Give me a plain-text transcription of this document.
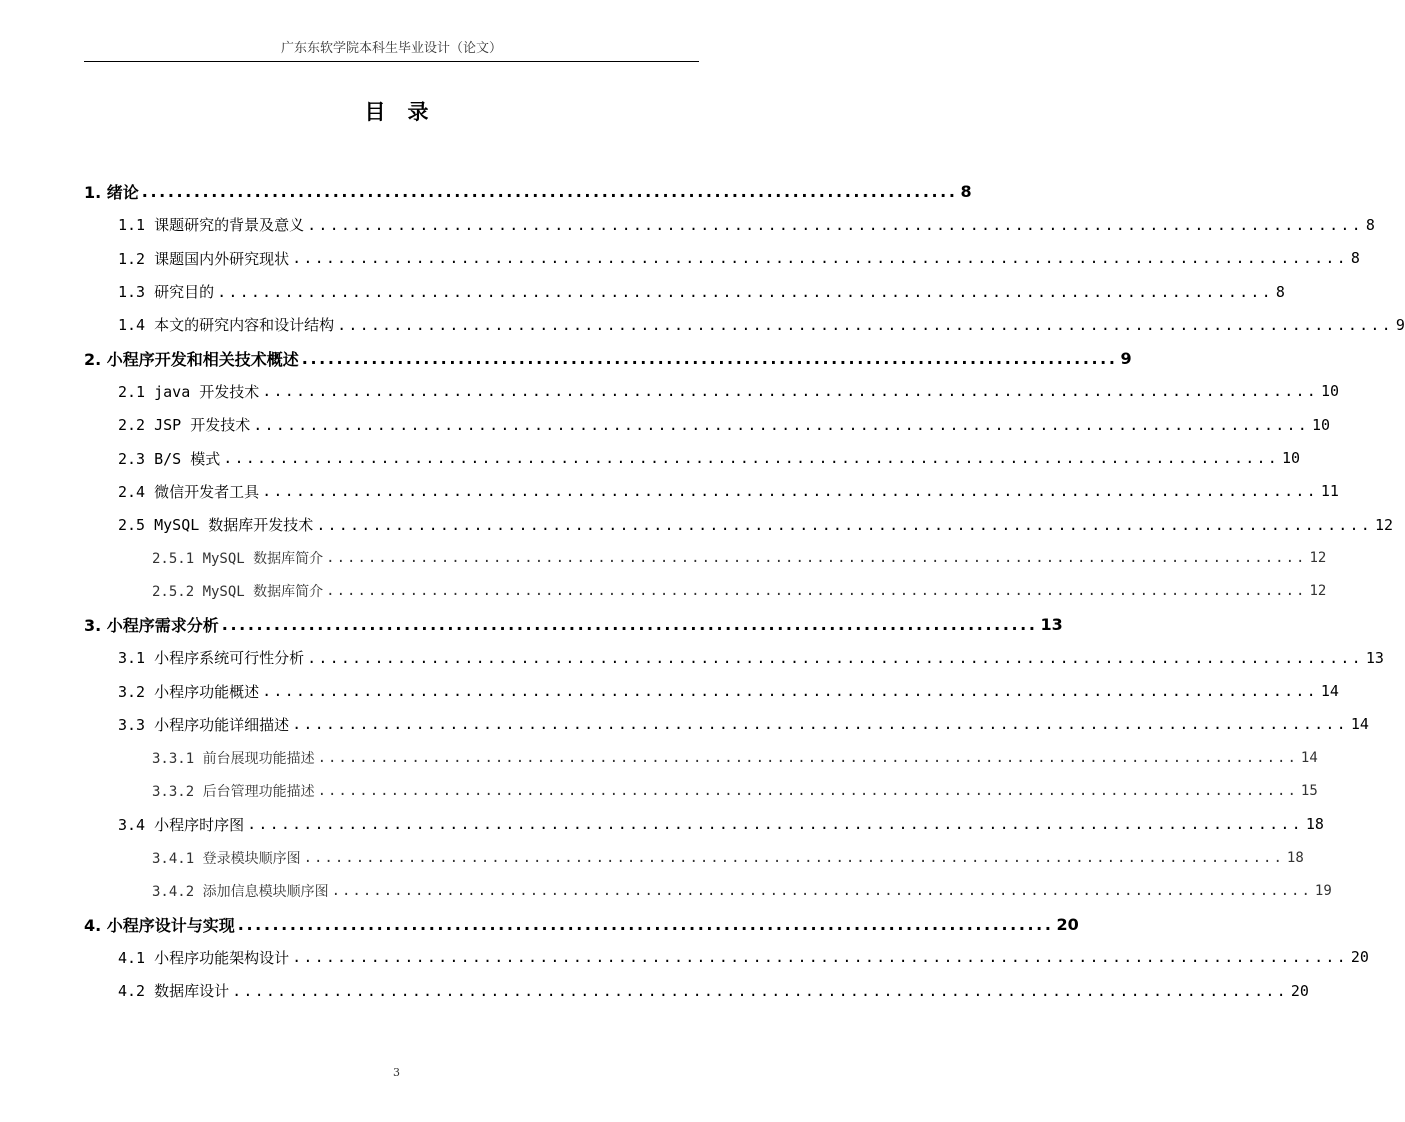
广东东软学院本科生毕业设计（论文）
目 录
1. 绪论 .............................................................................................. 8
1.1 课题研究的背景及意义 .............................................................................................. 8
1.2 课题国内外研究现状 .............................................................................................. 8
1.3 研究目的 .............................................................................................. 8
1.4 本文的研究内容和设计结构 .............................................................................................. 9
2. 小程序开发和相关技术概述 .............................................................................................. 9
2.1 java 开发技术 .............................................................................................. 10
2.2 JSP 开发技术 .............................................................................................. 10
2.3 B/S 模式 .............................................................................................. 10
2.4 微信开发者工具 .............................................................................................. 11
2.5 MySQL 数据库开发技术 .............................................................................................. 12
2.5.1 MySQL 数据库简介 .............................................................................................. 12
2.5.2 MySQL 数据库简介 .............................................................................................. 12
3. 小程序需求分析 .............................................................................................. 13
3.1 小程序系统可行性分析 .............................................................................................. 13
3.2 小程序功能概述 .............................................................................................. 14
3.3 小程序功能详细描述 .............................................................................................. 14
3.3.1 前台展现功能描述 .............................................................................................. 14
3.3.2 后台管理功能描述 .............................................................................................. 15
3.4 小程序时序图 .............................................................................................. 18
3.4.1 登录模块顺序图 .............................................................................................. 18
3.4.2 添加信息模块顺序图 .............................................................................................. 19
4. 小程序设计与实现 .............................................................................................. 20
4.1 小程序功能架构设计 .............................................................................................. 20
4.2 数据库设计 .............................................................................................. 20
3
